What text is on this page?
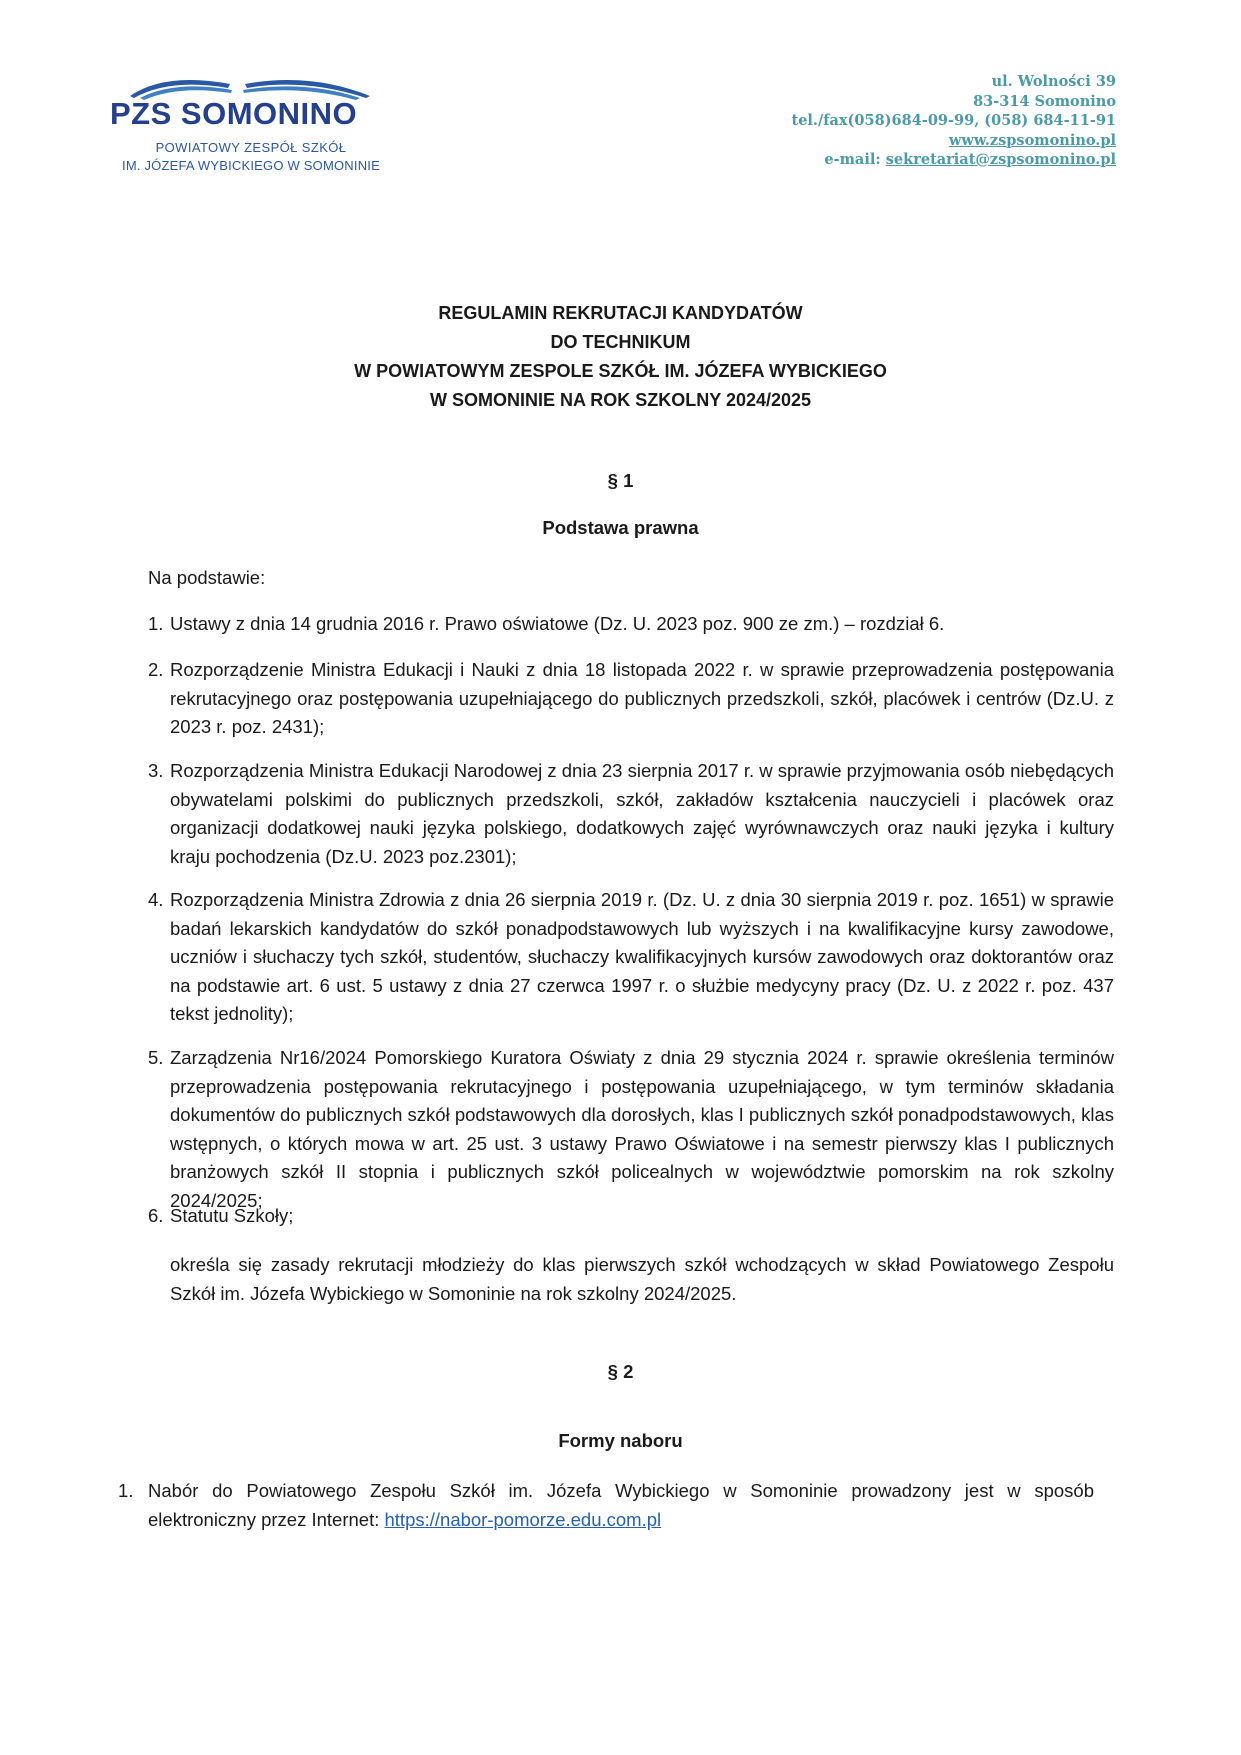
PZS SOMONINO
POWIATOWY ZESPÓŁ SZKÓŁ
IM. JÓZEFA WYBICKIEGO W SOMONINIE
ul. Wolności 39
83-314 Somonino
tel./fax(058)684-09-99, (058) 684-11-91
www.zspsomonino.pl
e-mail: sekretariat@zspsomonino.pl
REGULAMIN REKRUTACJI KANDYDATÓW
DO TECHNIKUM
W POWIATOWYM ZESPOLE SZKÓŁ IM. JÓZEFA WYBICKIEGO
W SOMONINIE NA ROK SZKOLNY 2024/2025
§ 1
Podstawa prawna
Na podstawie:
1. Ustawy z dnia 14 grudnia 2016 r. Prawo oświatowe (Dz. U. 2023 poz. 900 ze zm.) – rozdział 6.
2. Rozporządzenie Ministra Edukacji i Nauki z dnia 18 listopada 2022 r. w sprawie przeprowadzenia postępowania rekrutacyjnego oraz postępowania uzupełniającego do publicznych przedszkoli, szkół, placówek i centrów (Dz.U. z 2023 r. poz. 2431);
3. Rozporządzenia Ministra Edukacji Narodowej z dnia 23 sierpnia 2017 r. w sprawie przyjmowania osób niebędących obywatelami polskimi do publicznych przedszkoli, szkół, zakładów kształcenia nauczycieli i placówek oraz organizacji dodatkowej nauki języka polskiego, dodatkowych zajęć wyrównawczych oraz nauki języka i kultury kraju pochodzenia (Dz.U. 2023 poz.2301);
4. Rozporządzenia Ministra Zdrowia z dnia 26 sierpnia 2019 r. (Dz. U. z dnia 30 sierpnia 2019 r. poz. 1651) w sprawie badań lekarskich kandydatów do szkół ponadpodstawowych lub wyższych i na kwalifikacyjne kursy zawodowe, uczniów i słuchaczy tych szkół, studentów, słuchaczy kwalifikacyjnych kursów zawodowych oraz doktorantów oraz na podstawie art. 6 ust. 5 ustawy z dnia 27 czerwca 1997 r. o służbie medycyny pracy (Dz. U. z 2022 r. poz. 437 tekst jednolity);
5. Zarządzenia Nr16/2024 Pomorskiego Kuratora Oświaty z dnia 29 stycznia 2024 r. sprawie określenia terminów przeprowadzenia postępowania rekrutacyjnego i postępowania uzupełniającego, w tym terminów składania dokumentów do publicznych szkół podstawowych dla dorosłych, klas I publicznych szkół ponadpodstawowych, klas wstępnych, o których mowa w art. 25 ust. 3 ustawy Prawo Oświatowe i na semestr pierwszy klas I publicznych branżowych szkół II stopnia i publicznych szkół policealnych w województwie pomorskim na rok szkolny 2024/2025;
6. Statutu Szkoły;
określa się zasady rekrutacji młodzieży do klas pierwszych szkół wchodzących w skład Powiatowego Zespołu Szkół im. Józefa Wybickiego w Somoninie na rok szkolny 2024/2025.
§ 2
Formy naboru
1. Nabór do Powiatowego Zespołu Szkół im. Józefa Wybickiego w Somoninie prowadzony jest w sposób elektroniczny przez Internet: https://nabor-pomorze.edu.com.pl
